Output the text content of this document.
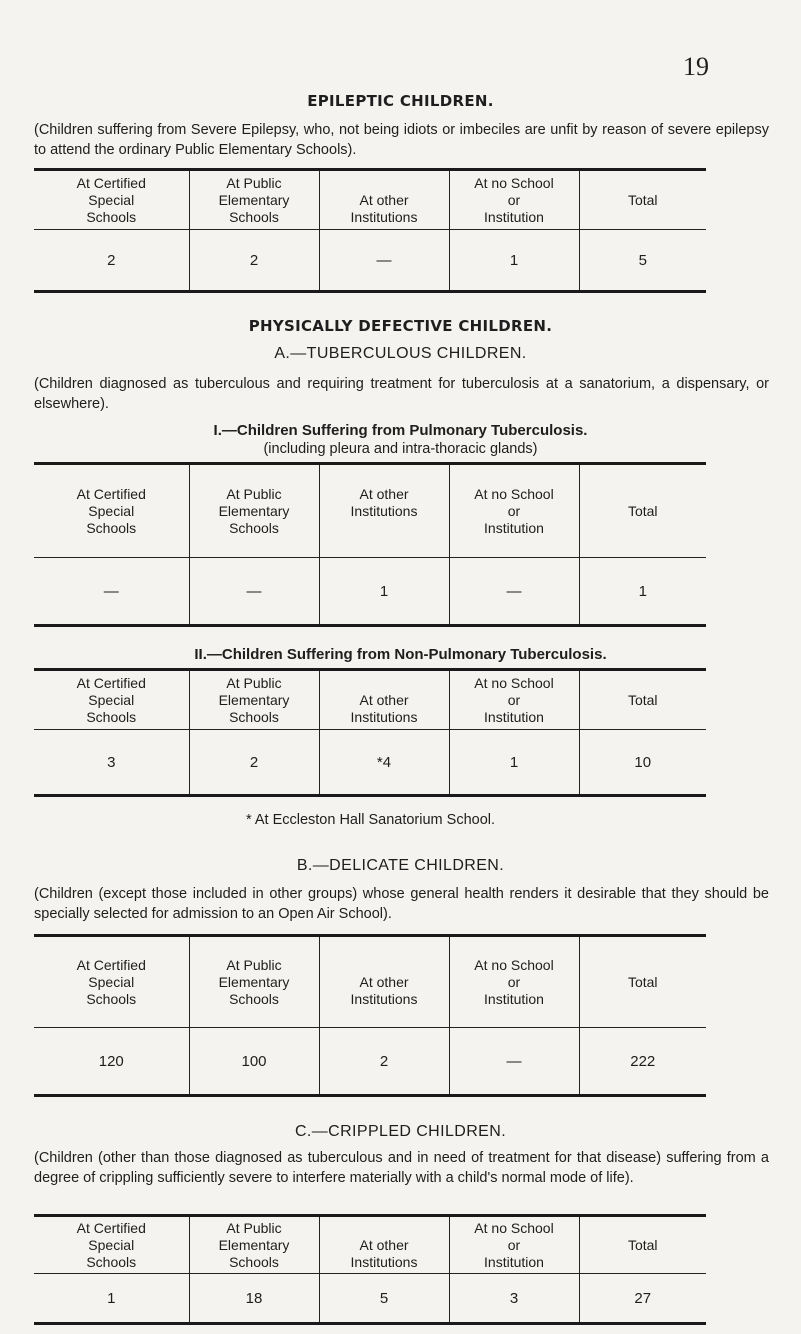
19
EPILEPTIC CHILDREN.
(Children suffering from Severe Epilepsy, who, not being idiots or imbeciles are unfit by reason of severe epilepsy to attend the ordinary Public Elementary Schools).
At Certified
Special
Schools	At Public
Elementary
Schools	At other
Institutions	At no School
or
Institution	Total
2	2	—	1	5
PHYSICALLY DEFECTIVE CHILDREN.
A.—TUBERCULOUS CHILDREN.
(Children diagnosed as tuberculous and requiring treatment for tuberculosis at a sanatorium, a dispensary, or elsewhere).
I.—Children Suffering from Pulmonary Tuberculosis.
(including pleura and intra-thoracic glands)
At Certified
Special
Schools	At Public
Elementary
Schools	At other
Institutions	At no School
or
Institution	Total
—	—	1	—	1
II.—Children Suffering from Non-Pulmonary Tuberculosis.
At Certified
Special
Schools	At Public
Elementary
Schools	At other
Institutions	At no School
or
Institution	Total
3	2	*4	1	10
* At Eccleston Hall Sanatorium School.
B.—DELICATE CHILDREN.
(Children (except those included in other groups) whose general health renders it desirable that they should be specially selected for admission to an Open Air School).
At Certified
Special
Schools	At Public
Elementary
Schools	At other
Institutions	At no School
or
Institution	Total
120	100	2	—	222
C.—CRIPPLED CHILDREN.
(Children (other than those diagnosed as tuberculous and in need of treatment for that disease) suffering from a degree of crippling sufficiently severe to interfere materially with a child's normal mode of life).
At Certified
Special
Schools	At Public
Elementary
Schools	At other
Institutions	At no School
or
Institution	Total
1	18	5	3	27
